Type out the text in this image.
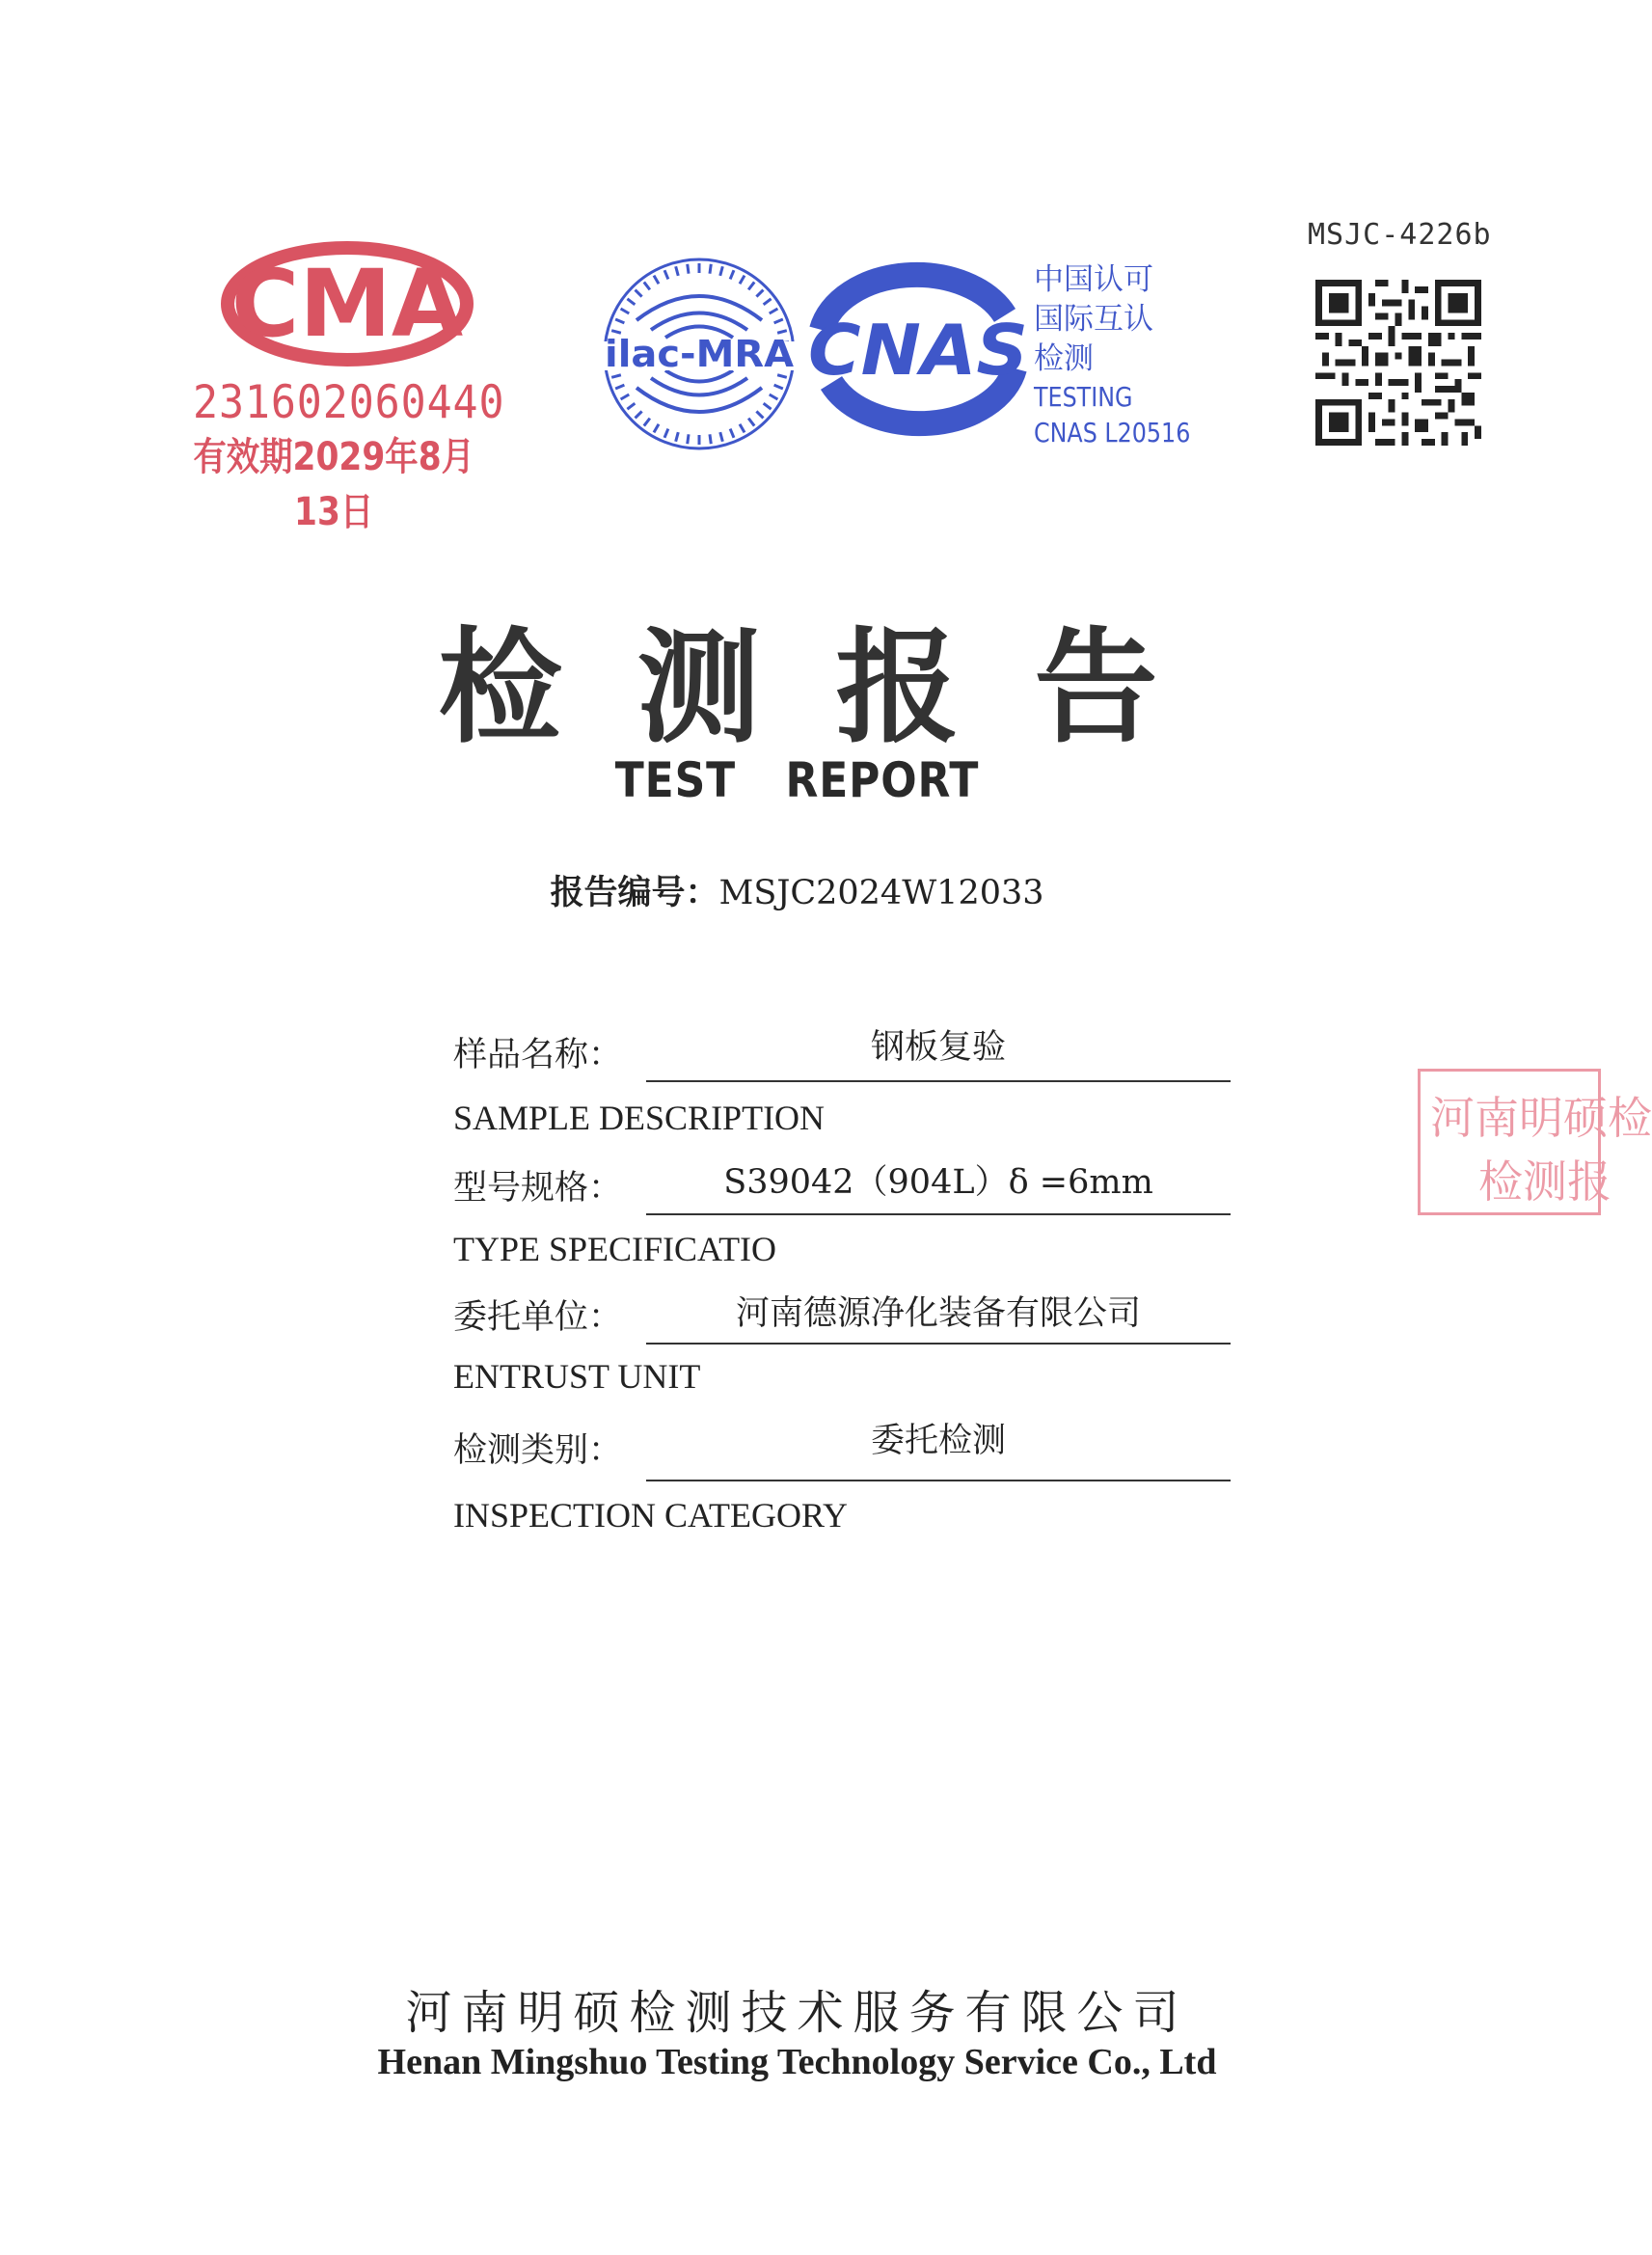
MSJC-4226b
CMA
231602060440
有效期2029年8月13日
ilac-MRA CNAS
中国认可
国际互认
检测
TESTING
CNAS L20516
检测报告
TEST REPORT
报告编号：MSJC2024W12033
样品名称：	钢板复验
SAMPLE DESCRIPTION
型号规格：	S39042（904L）δ =6mm
TYPE SPECIFICATIO
委托单位：	河南德源净化装备有限公司
ENTRUST UNIT
检测类别：	委托检测
INSPECTION CATEGORY
河南明硕检
检测报
河南明硕检测技术服务有限公司
Henan Mingshuo Testing Technology Service Co., Ltd
